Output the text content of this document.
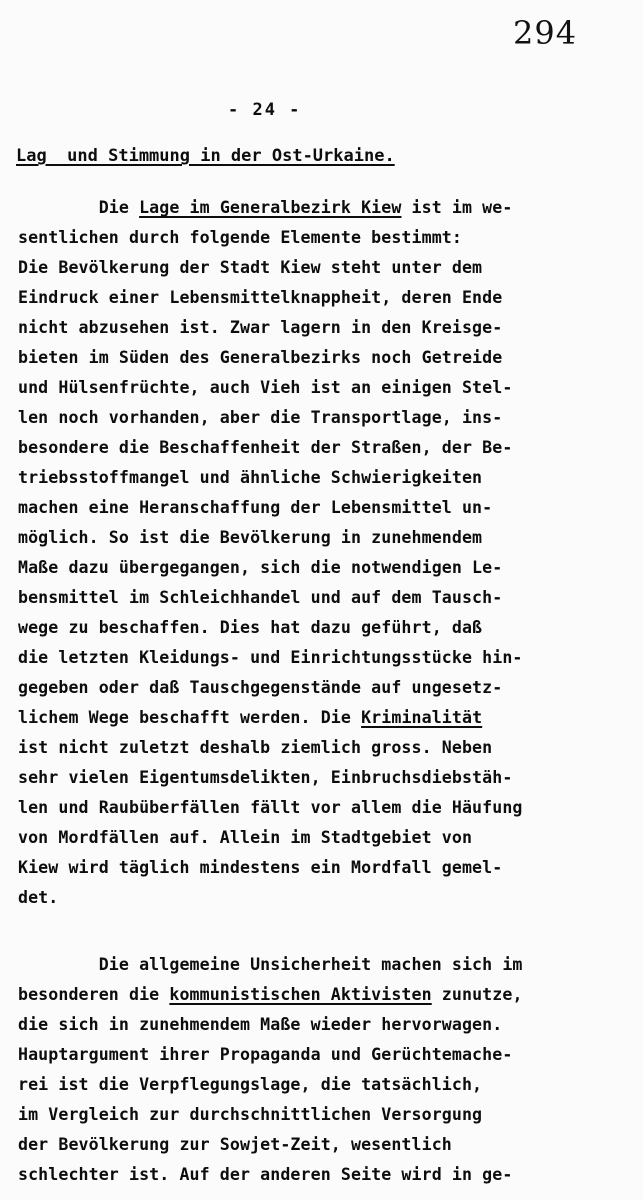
294
- 24 -
Lag  und Stimmung in der Ost-Urkaine.
Die Lage im Generalbezirk Kiew ist im we-
sentlichen durch folgende Elemente bestimmt:
Die Bevölkerung der Stadt Kiew steht unter dem
Eindruck einer Lebensmittelknappheit, deren Ende
nicht abzusehen ist. Zwar lagern in den Kreisge-
bieten im Süden des Generalbezirks noch Getreide
und Hülsenfrüchte, auch Vieh ist an einigen Stel-
len noch vorhanden, aber die Transportlage, ins-
besondere die Beschaffenheit der Straßen, der Be-
triebsstoffmangel und ähnliche Schwierigkeiten
machen eine Heranschaffung der Lebensmittel un-
möglich. So ist die Bevölkerung in zunehmendem
Maße dazu übergegangen, sich die notwendigen Le-
bensmittel im Schleichhandel und auf dem Tausch-
wege zu beschaffen. Dies hat dazu geführt, daß
die letzten Kleidungs- und Einrichtungsstücke hin-
gegeben oder daß Tauschgegenstände auf ungesetz-
lichem Wege beschafft werden. Die Kriminalität
ist nicht zuletzt deshalb ziemlich gross. Neben
sehr vielen Eigentumsdelikten, Einbruchsdiebstäh-
len und Raubüberfällen fällt vor allem die Häufung
von Mordfällen auf. Allein im Stadtgebiet von
Kiew wird täglich mindestens ein Mordfall gemel-
det.
Die allgemeine Unsicherheit machen sich im
besonderen die kommunistischen Aktivisten zunutze,
die sich in zunehmendem Maße wieder hervorwagen.
Hauptargument ihrer Propaganda und Gerüchtemache-
rei ist die Verpflegungslage, die tatsächlich,
im Vergleich zur durchschnittlichen Versorgung
der Bevölkerung zur Sowjet-Zeit, wesentlich
schlechter ist. Auf der anderen Seite wird in ge-
